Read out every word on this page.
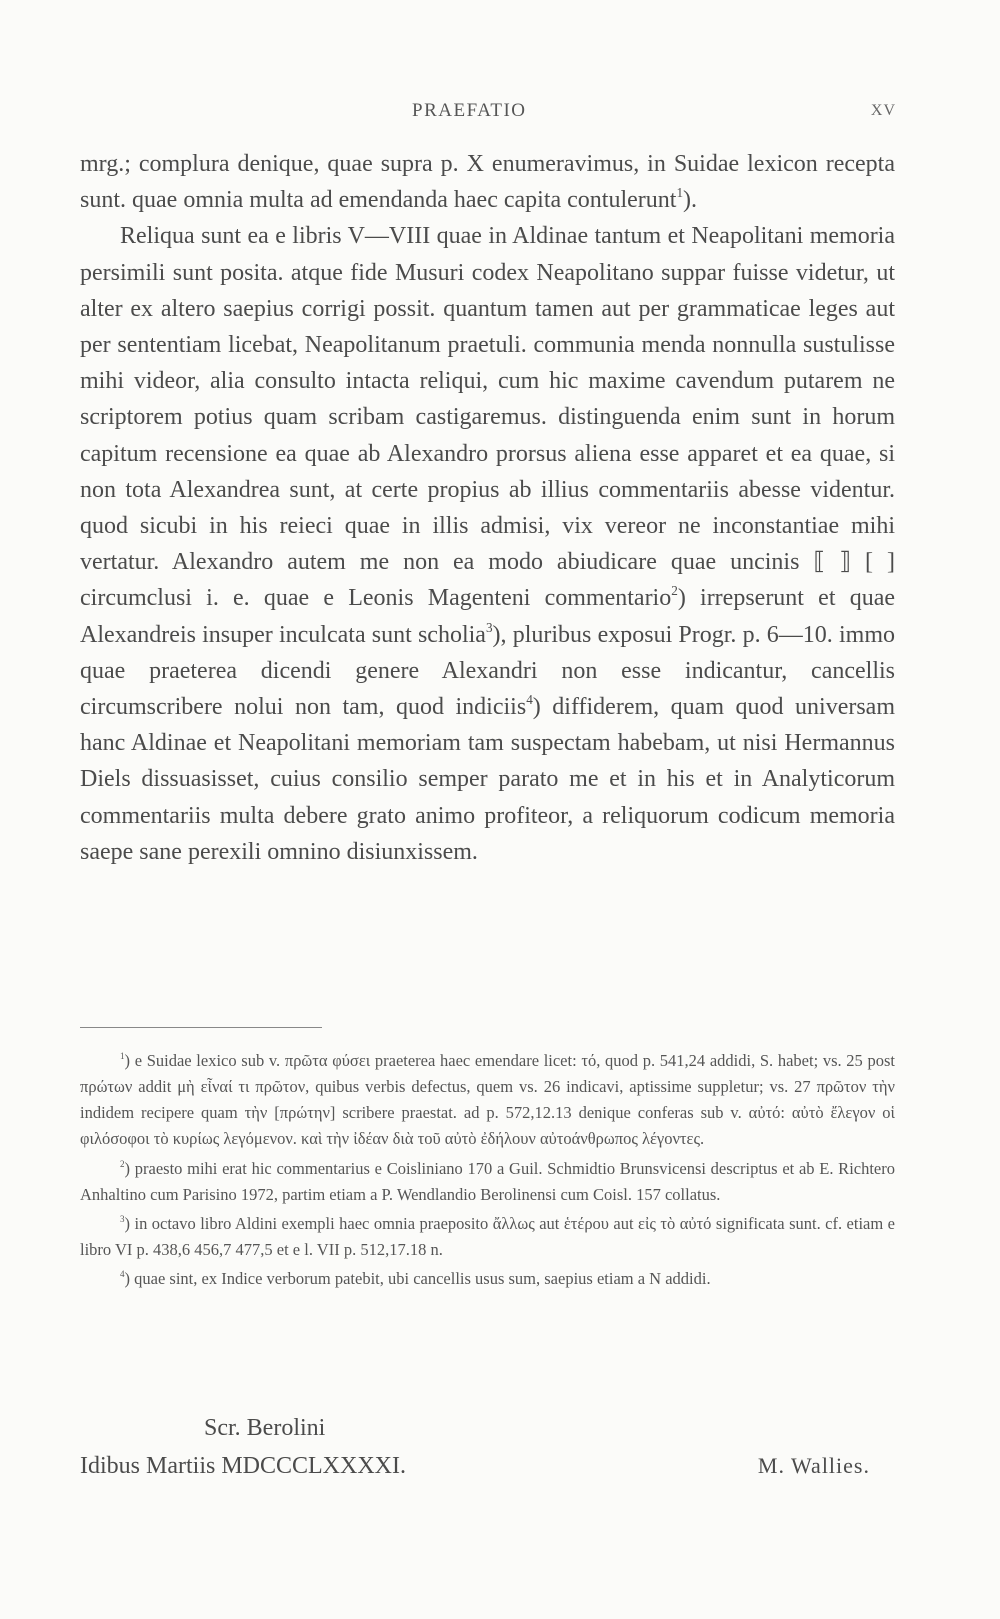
PRAEFATIO	XV

mrg.; complura denique, quae supra p. X enumeravimus, in Suidae lexicon recepta sunt. quae omnia multa ad emendanda haec capita contulerunt$^1$).

Reliqua sunt ea e libris V—VIII quae in Aldinae tantum et Neapolitani memoria persimili sunt posita. atque fide Musuri codex Neapolitano suppar fuisse videtur, ut alter ex altero saepius corrigi possit. quantum tamen aut per grammaticae leges aut per sententiam licebat, Neapolitanum praetuli. communia menda nonnulla sustulisse mihi videor, alia consulto intacta reliqui, cum hic maxime cavendum putarem ne scriptorem potius quam scribam castigaremus. distinguenda enim sunt in horum capitum recensione ea quae ab Alexandro prorsus aliena esse apparet et ea quae, si non tota Alexandrea sunt, at certe propius ab illius commentariis abesse videntur. quod sicubi in his reieci quae in illis admisi, vix vereor ne inconstantiae mihi vertatur. Alexandro autem me non ea modo abiudicare quae uncinis ⟦ ⟧ [ ] circumclusi i. e. quae e Leonis Magenteni commentario$^2$) irrepserunt et quae Alexandreis insuper inculcata sunt scholia$^3$), pluribus exposui Progr. p. 6—10. immo quae praeterea dicendi genere Alexandri non esse indicantur, cancellis circumscribere nolui non tam, quod indiciis$^4$) diffiderem, quam quod universam hanc Aldinae et Neapolitani memoriam tam suspectam habebam, ut nisi Hermannus Diels dissuasisset, cuius consilio semper parato me et in his et in Analyticorum commentariis multa debere grato animo profiteor, a reliquorum codicum memoria saepe sane perexili omnino disiunxissem.

$^1$) e Suidae lexico sub v. πρῶτα φύσει praeterea haec emendare licet: τό, quod p. 541,24 addidi, S. habet; vs. 25 post πρώτων addit μὴ εἶναί τι πρῶτον, quibus verbis defectus, quem vs. 26 indicavi, aptissime suppletur; vs. 27 πρῶτον τὴν indidem recipere quam τὴν [πρώτην] scribere praestat. ad p. 572,12.13 denique conferas sub v. αὐτό: αὐτὸ ἔλεγον οἱ φιλόσοφοι τὸ κυρίως λεγόμενον. καὶ τὴν ἰδέαν διὰ τοῦ αὐτὸ ἐδήλουν αὐτοάνθρωπος λέγοντες.

$^2$) praesto mihi erat hic commentarius e Coisliniano 170 a Guil. Schmidtio Brunsvicensi descriptus et ab E. Richtero Anhaltino cum Parisino 1972, partim etiam a P. Wendlandio Berolinensi cum Coisl. 157 collatus.

$^3$) in octavo libro Aldini exempli haec omnia praeposito ἄλλως aut ἑτέρου aut εἰς τὸ αὐτό significata sunt. cf. etiam e libro VI p. 438,6 456,7 477,5 et e l. VII p. 512,17.18 n.

$^4$) quae sint, ex Indice verborum patebit, ubi cancellis usus sum, saepius etiam a N addidi.

Scr. Berolini
Idibus Martiis MDCCCLXXXXI.	M. Wallies.
